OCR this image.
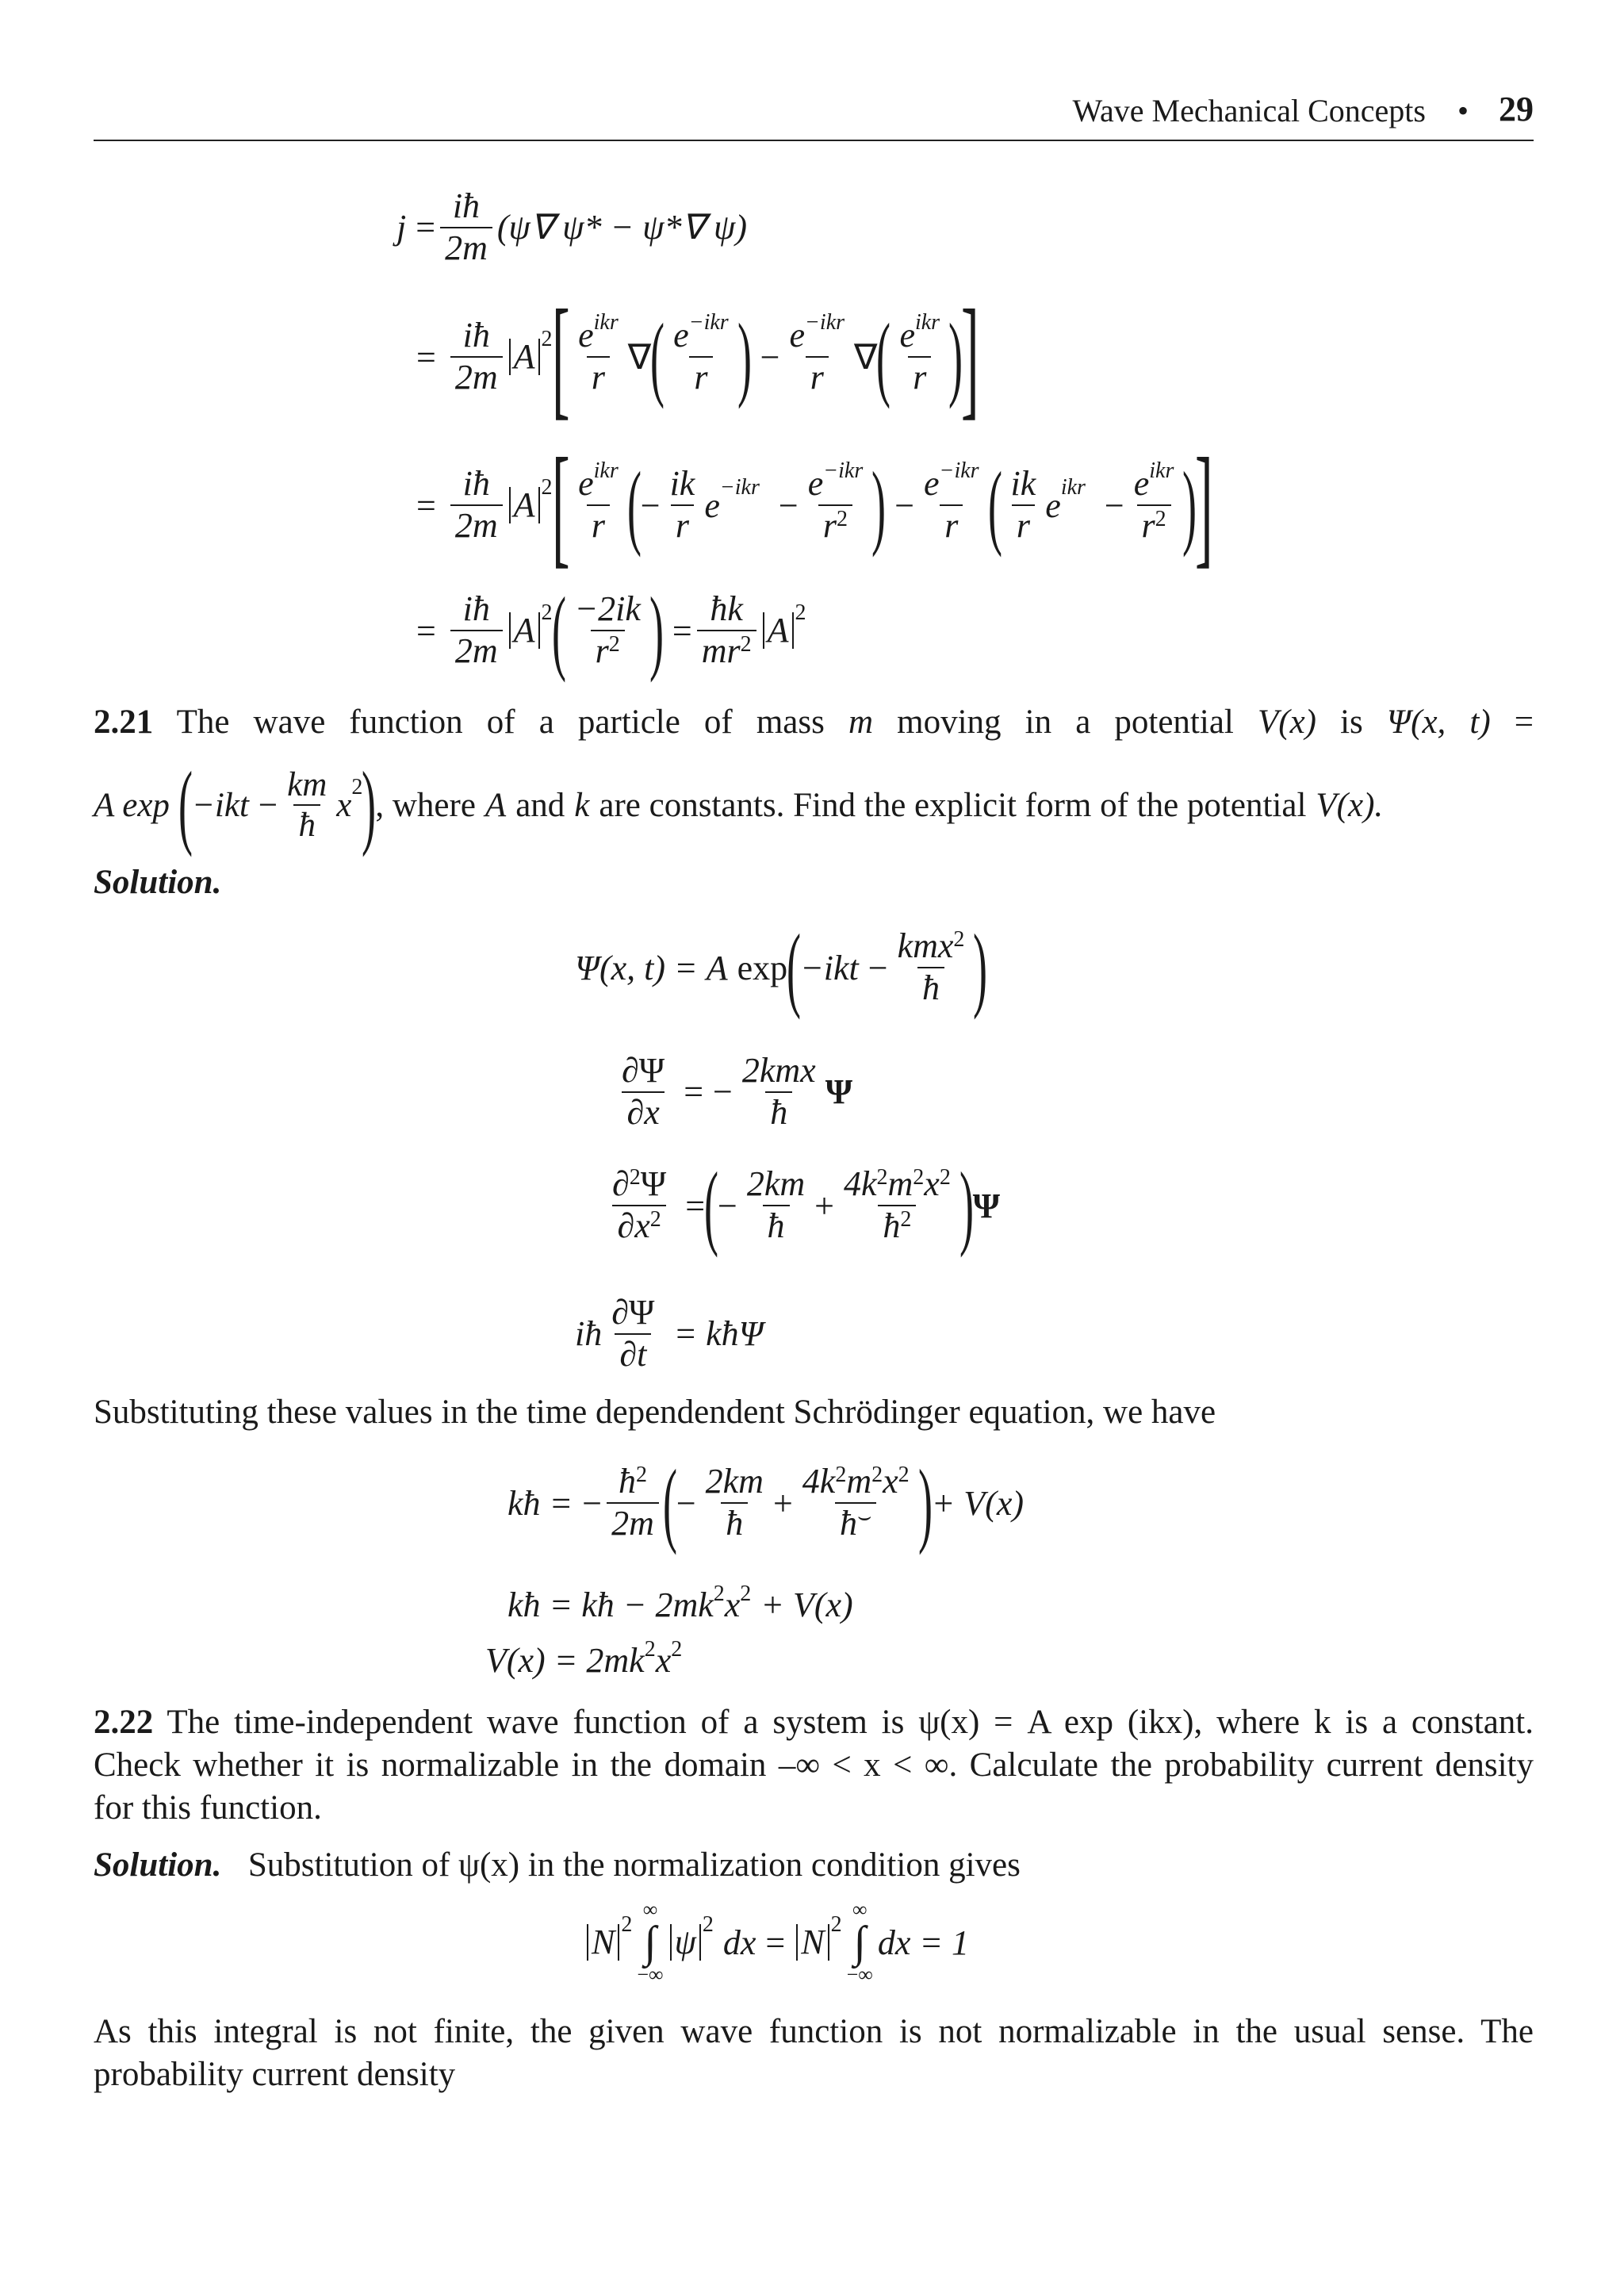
Wave Mechanical Concepts • 29
$j = \frac{iħ}{2m} (\psi\nabla$ ψ* − ψ*∇ ψ)
= $\frac{iħ}{2m}$ A 2
[ $\frac{e^{ikr}}{r}$ ∇
( $\frac{e^{-ikr}}{r}$ ) − $\frac{e^{-ikr}}{r}$ ∇
( $\frac{e^{ikr}}{r}$ )
]
= $\frac{iħ}{2m}$ A 2
[ $\frac{e^{ikr}}{r}$ (
− $\frac{ik}{r}$ $e -ikr - \frac{e^{-ikr}}{r^2}$ ) − $\frac{e^{-ikr}}{r}$ ( $\frac{ik}{r}$ e ikr − $\frac{e^{ikr}}{r^2}$ )
]
= $\frac{iħ}{2m}$ A 2
( $\frac{-2ik}{r^2}$ ) = $\frac{ħk}{mr^2}$ A 2
2.21 The wave function of a particle of mass m moving in a potential V(x) is Ψ(x, t) =
A exp (
$-ikt - \frac{km}{ħ}$ x 2
)
, where A and k are constants. Find the explicit form of the potential V(x).
Solution.
Ψ(x, t) = A exp
(
$-ikt - \frac{kmx^2}{ħ}$ )
$\frac{\partial\Psi}{\partial x}$ = − $\frac{\text{2kmx}}{ħ}$ Ψ
$\frac{\partial^2\Psi}{\partial x^2}$ =
(
− $\frac{2km}{ħ} + \frac{4k^2m^2x^2}{ħ^2}$ )
Ψ
iħ $\frac{\partial\Psi}{\partial t}$ = kħΨ
Substituting these values in the time dependendent Schrödinger equation, we have
kħ = − $\frac{ħ^2}{2m}$ (
− $\frac{2km}{ħ} + \frac{4k^2m^2x^2}{ħ^⌣}$ )
+ V(x)
kħ = kħ − 2mk 2 x 2 + V(x)
V(x) = 2mk 2 x 2
2.22 The time-independent wave function of a system is ψ(x) = A exp (ikx), where k is a constant.
Check whether it is normalizable in the domain –∞ < x < ∞. Calculate the probability current density
for this function.
Solution. Substitution of ψ(x) in the normalization condition gives
N 2
∞
∫
−∞
ψ 2 dx = N 2
∞
∫
−∞
dx = 1
As this integral is not finite, the given wave function is not normalizable in the usual sense. The
probability current density
